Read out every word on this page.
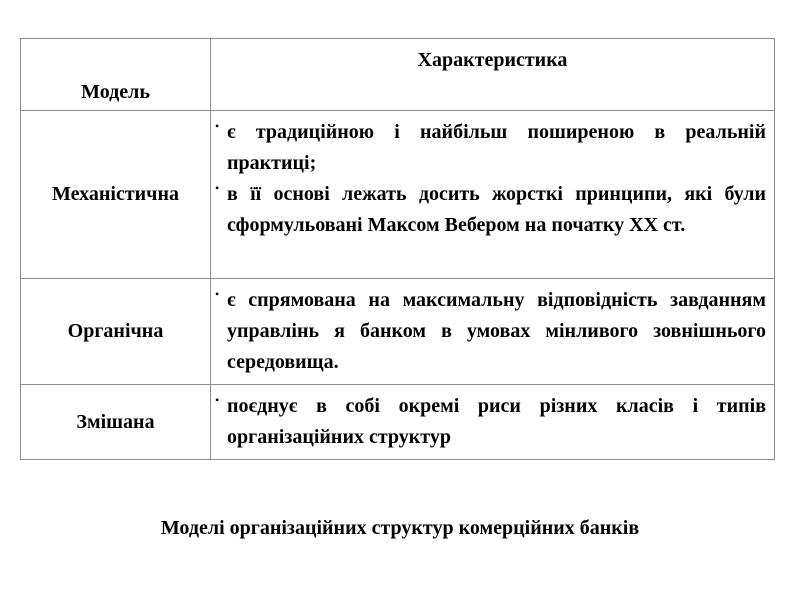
Модель	Характеристика
Механістична	• є традиційною і найбільш поширеною в реальній практиці;
• в її основі лежать досить жорсткі принципи, які були сформульовані Максом Вебером на початку ХХ ст.

Органічна	• є спрямована на максимальну відповідність завданням управлінь я банком в умовах мінливого зовнішнього середовища.

Змішана	• поєднує в собі окремі риси різних класів і типів організаційних структур
Моделі організаційних структур комерційних банків
